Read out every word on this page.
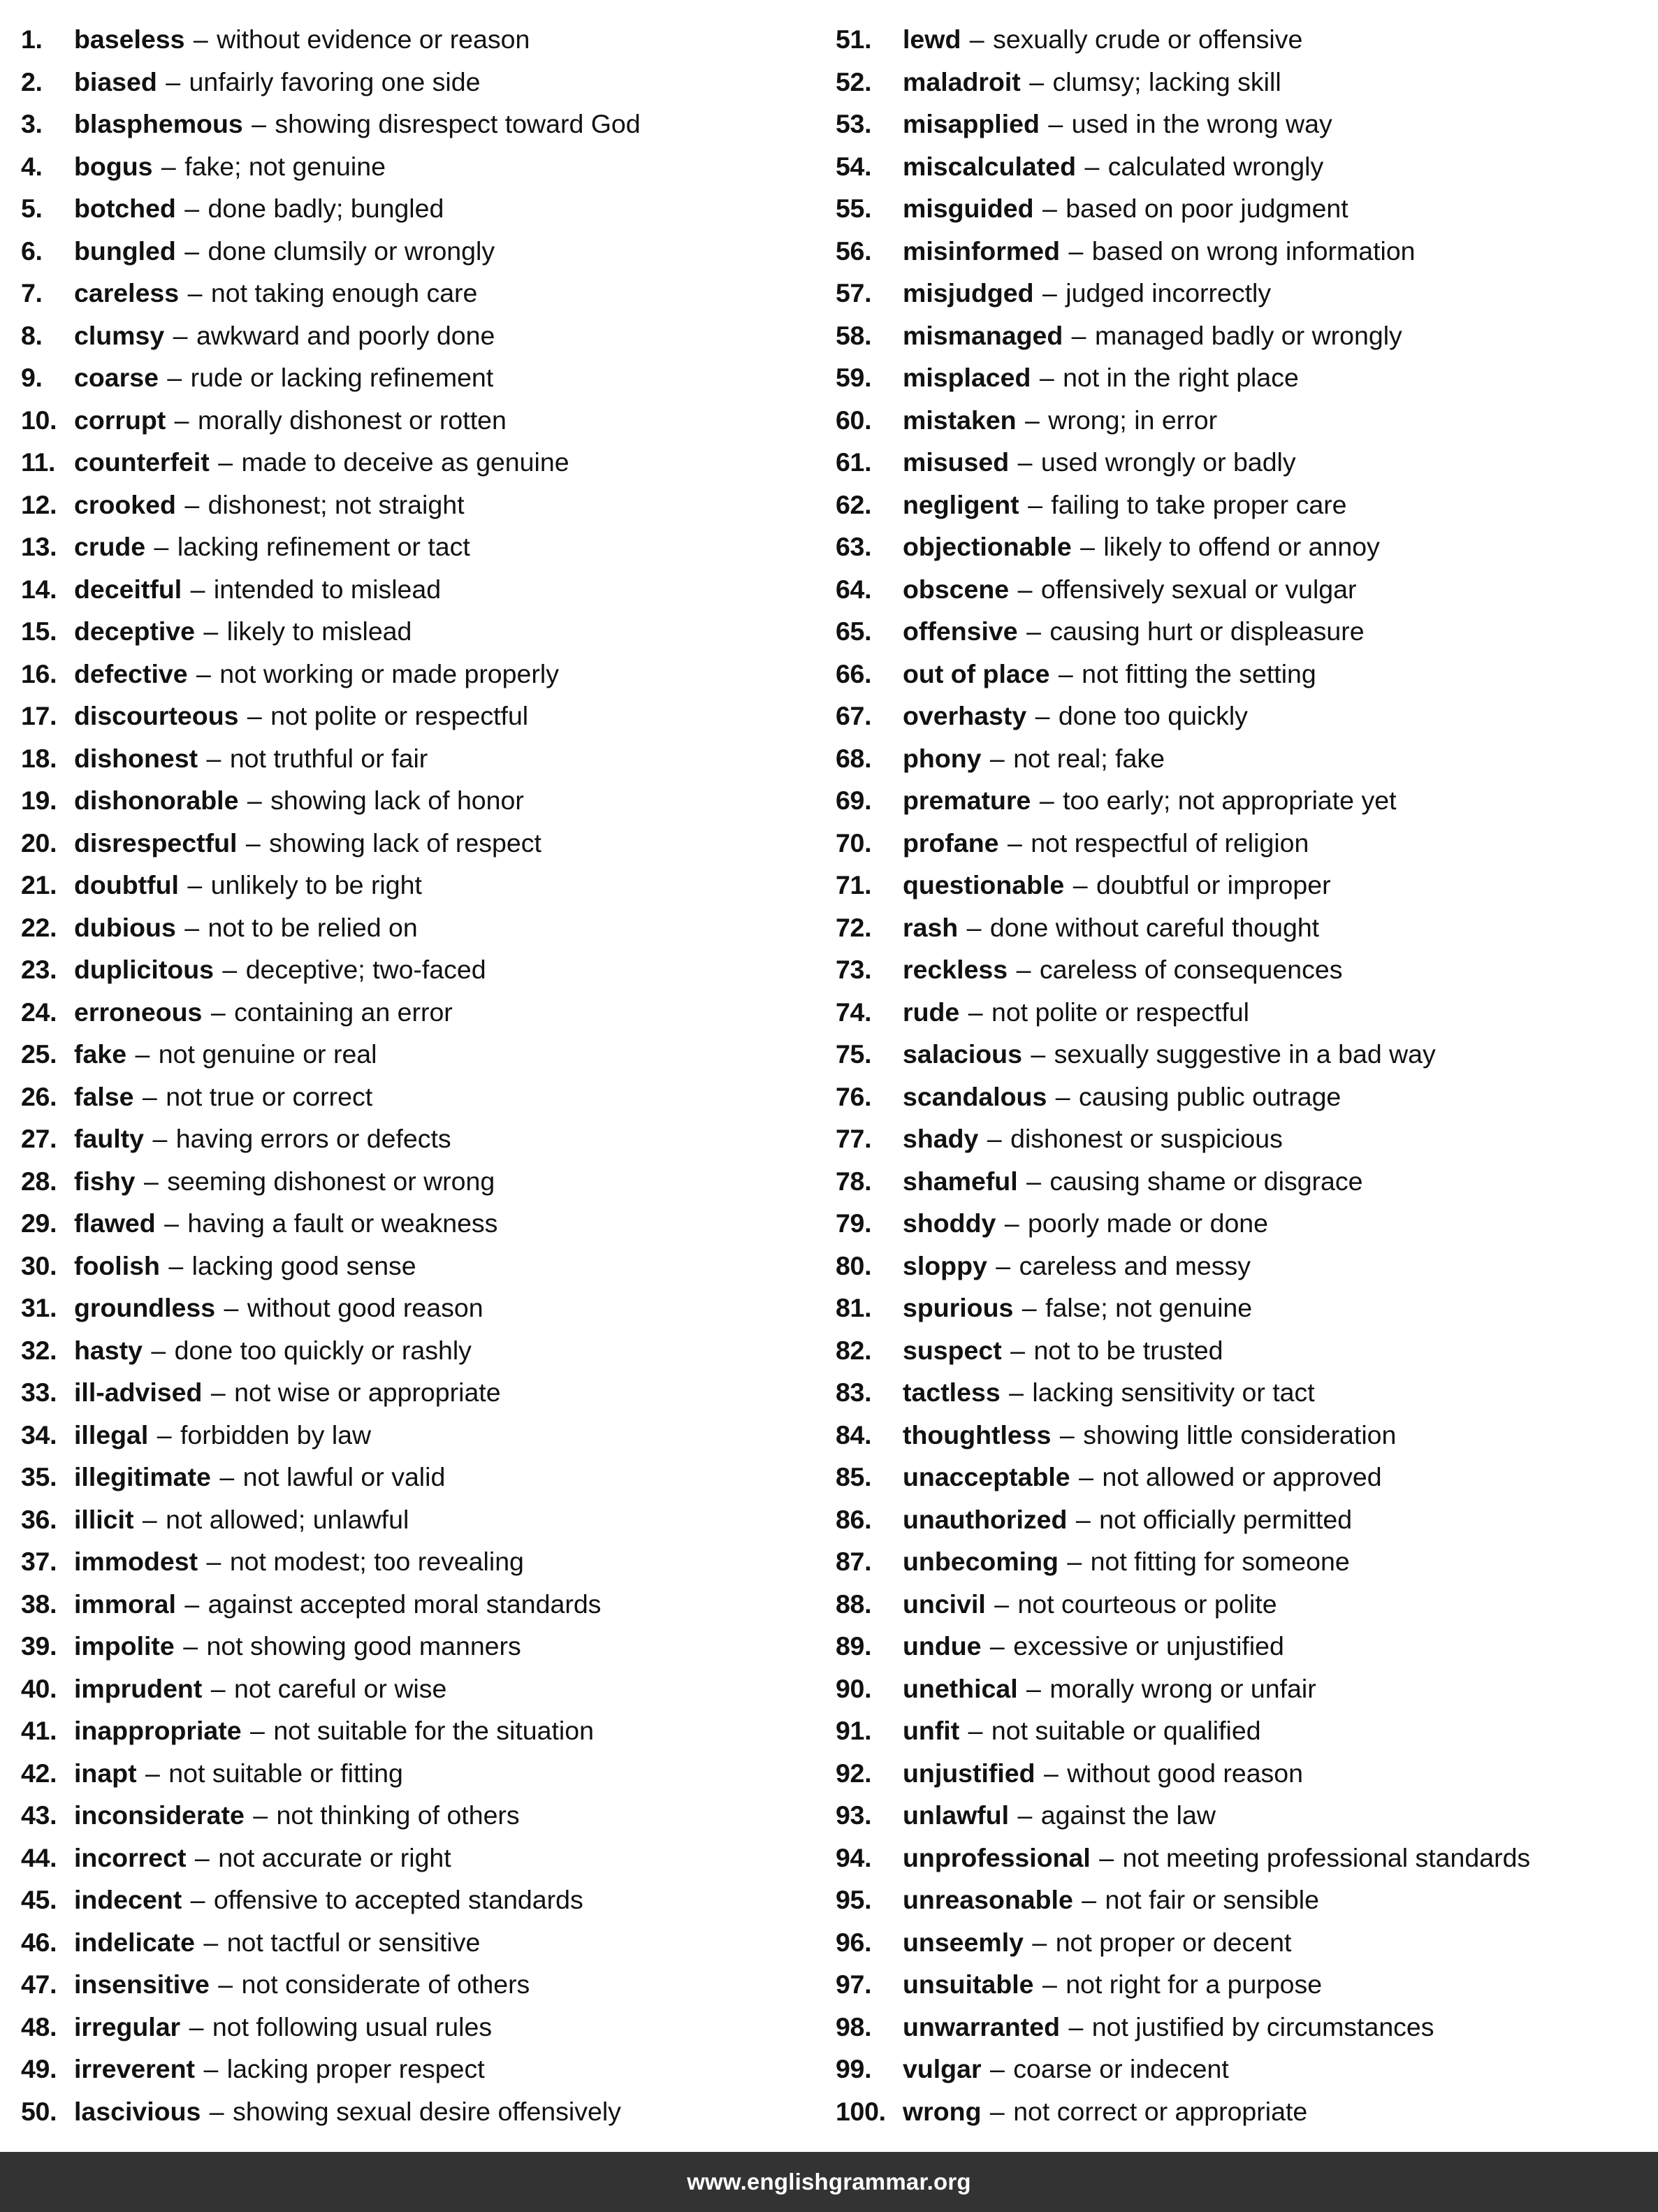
1.	baseless – without evidence or reason
2.	biased – unfairly favoring one side
3.	blasphemous – showing disrespect toward God
4.	bogus – fake; not genuine
5.	botched – done badly; bungled
6.	bungled – done clumsily or wrongly
7.	careless – not taking enough care
8.	clumsy – awkward and poorly done
9.	coarse – rude or lacking refinement
10. corrupt – morally dishonest or rotten
11. counterfeit – made to deceive as genuine
12. crooked – dishonest; not straight
13. crude – lacking refinement or tact
14. deceitful – intended to mislead
15. deceptive – likely to mislead
16. defective – not working or made properly
17. discourteous – not polite or respectful
18. dishonest – not truthful or fair
19. dishonorable – showing lack of honor
20. disrespectful – showing lack of respect
21. doubtful – unlikely to be right
22. dubious – not to be relied on
23. duplicitous – deceptive; two-faced
24. erroneous – containing an error
25. fake – not genuine or real
26. false – not true or correct
27. faulty – having errors or defects
28. fishy – seeming dishonest or wrong
29. flawed – having a fault or weakness
30. foolish – lacking good sense
31. groundless – without good reason
32. hasty – done too quickly or rashly
33. ill-advised – not wise or appropriate
34. illegal – forbidden by law
35. illegitimate – not lawful or valid
36. illicit – not allowed; unlawful
37. immodest – not modest; too revealing
38. immoral – against accepted moral standards
39. impolite – not showing good manners
40. imprudent – not careful or wise
41. inappropriate – not suitable for the situation
42. inapt – not suitable or fitting
43. inconsiderate – not thinking of others
44. incorrect – not accurate or right
45. indecent – offensive to accepted standards
46. indelicate – not tactful or sensitive
47. insensitive – not considerate of others
48. irregular – not following usual rules
49. irreverent – lacking proper respect
50. lascivious – showing sexual desire offensively
51.	lewd – sexually crude or offensive
52.	maladroit – clumsy; lacking skill
53.	misapplied – used in the wrong way
54.	miscalculated – calculated wrongly
55.	misguided – based on poor judgment
56.	misinformed – based on wrong information
57.	misjudged – judged incorrectly
58.	mismanaged – managed badly or wrongly
59.	misplaced – not in the right place
60.	mistaken – wrong; in error
61.	misused – used wrongly or badly
62.	negligent – failing to take proper care
63.	objectionable – likely to offend or annoy
64.	obscene – offensively sexual or vulgar
65.	offensive – causing hurt or displeasure
66.	out of place – not fitting the setting
67.	overhasty – done too quickly
68.	phony – not real; fake
69.	premature – too early; not appropriate yet
70.	profane – not respectful of religion
71.	questionable – doubtful or improper
72.	rash – done without careful thought
73.	reckless – careless of consequences
74.	rude – not polite or respectful
75.	salacious – sexually suggestive in a bad way
76.	scandalous – causing public outrage
77.	shady – dishonest or suspicious
78.	shameful – causing shame or disgrace
79.	shoddy – poorly made or done
80.	sloppy – careless and messy
81.	spurious – false; not genuine
82.	suspect – not to be trusted
83.	tactless – lacking sensitivity or tact
84.	thoughtless – showing little consideration
85.	unacceptable – not allowed or approved
86.	unauthorized – not officially permitted
87.	unbecoming – not fitting for someone
88.	uncivil – not courteous or polite
89.	undue – excessive or unjustified
90.	unethical – morally wrong or unfair
91.	unfit – not suitable or qualified
92.	unjustified – without good reason
93.	unlawful – against the law
94.	unprofessional – not meeting professional standards
95.	unreasonable – not fair or sensible
96.	unseemly – not proper or decent
97.	unsuitable – not right for a purpose
98.	unwarranted – not justified by circumstances
99.	vulgar – coarse or indecent
100. wrong – not correct or appropriate
www.englishgrammar.org
